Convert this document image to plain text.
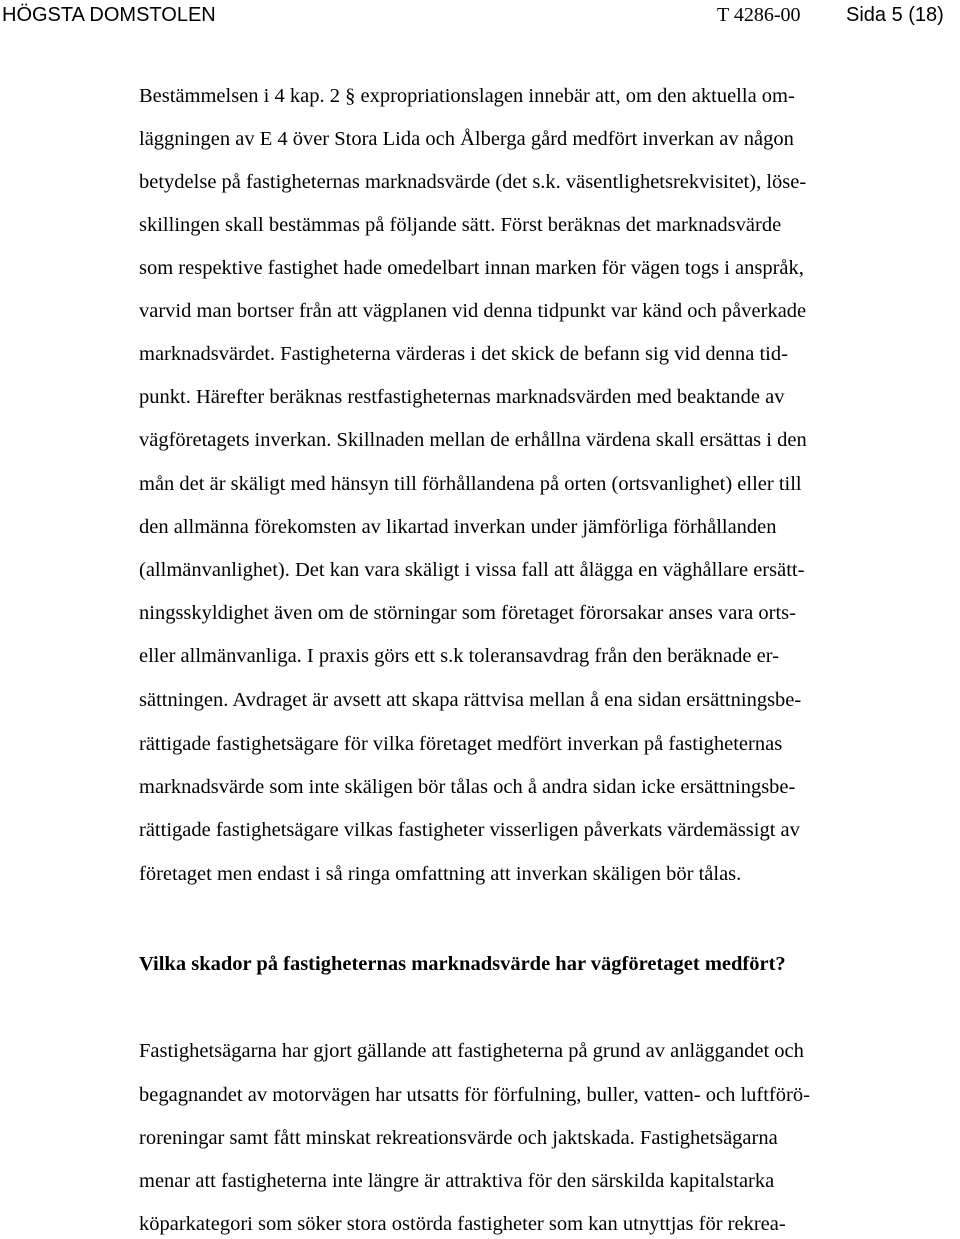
HÖGSTA DOMSTOLEN	T 4286-00 Sida 5 (18)
Bestämmelsen i 4 kap. 2 § expropriationslagen innebär att, om den aktuella om-
läggningen av E 4 över Stora Lida och Ålberga gård medfört inverkan av någon
betydelse på fastigheternas marknadsvärde (det s.k. väsentlighetsrekvisitet), löse-
skillingen skall bestämmas på följande sätt. Först beräknas det marknadsvärde
som respektive fastighet hade omedelbart innan marken för vägen togs i anspråk,
varvid man bortser från att vägplanen vid denna tidpunkt var känd och påverkade
marknadsvärdet. Fastigheterna värderas i det skick de befann sig vid denna tid-
punkt. Härefter beräknas restfastigheternas marknadsvärden med beaktande av
vägföretagets inverkan. Skillnaden mellan de erhållna värdena skall ersättas i den
mån det är skäligt med hänsyn till förhållandena på orten (ortsvanlighet) eller till
den allmänna förekomsten av likartad inverkan under jämförliga förhållanden
(allmänvanlighet). Det kan vara skäligt i vissa fall att ålägga en väghållare ersätt-
ningsskyldighet även om de störningar som företaget förorsakar anses vara orts-
eller allmänvanliga. I praxis görs ett s.k toleransavdrag från den beräknade er-
sättningen. Avdraget är avsett att skapa rättvisa mellan å ena sidan ersättningsbe-
rättigade fastighetsägare för vilka företaget medfört inverkan på fastigheternas
marknadsvärde som inte skäligen bör tålas och å andra sidan icke ersättningsbe-
rättigade fastighetsägare vilkas fastigheter visserligen påverkats värdemässigt av
företaget men endast i så ringa omfattning att inverkan skäligen bör tålas.
Vilka skador på fastigheternas marknadsvärde har vägföretaget medfört?
Fastighetsägarna har gjort gällande att fastigheterna på grund av anläggandet och
begagnandet av motorvägen har utsatts för förfulning, buller, vatten- och luftförö-
roreningar samt fått minskat rekreationsvärde och jaktskada. Fastighetsägarna
menar att fastigheterna inte längre är attraktiva för den särskilda kapitalstarka
köparkategori som söker stora ostörda fastigheter som kan utnyttjas för rekrea-
